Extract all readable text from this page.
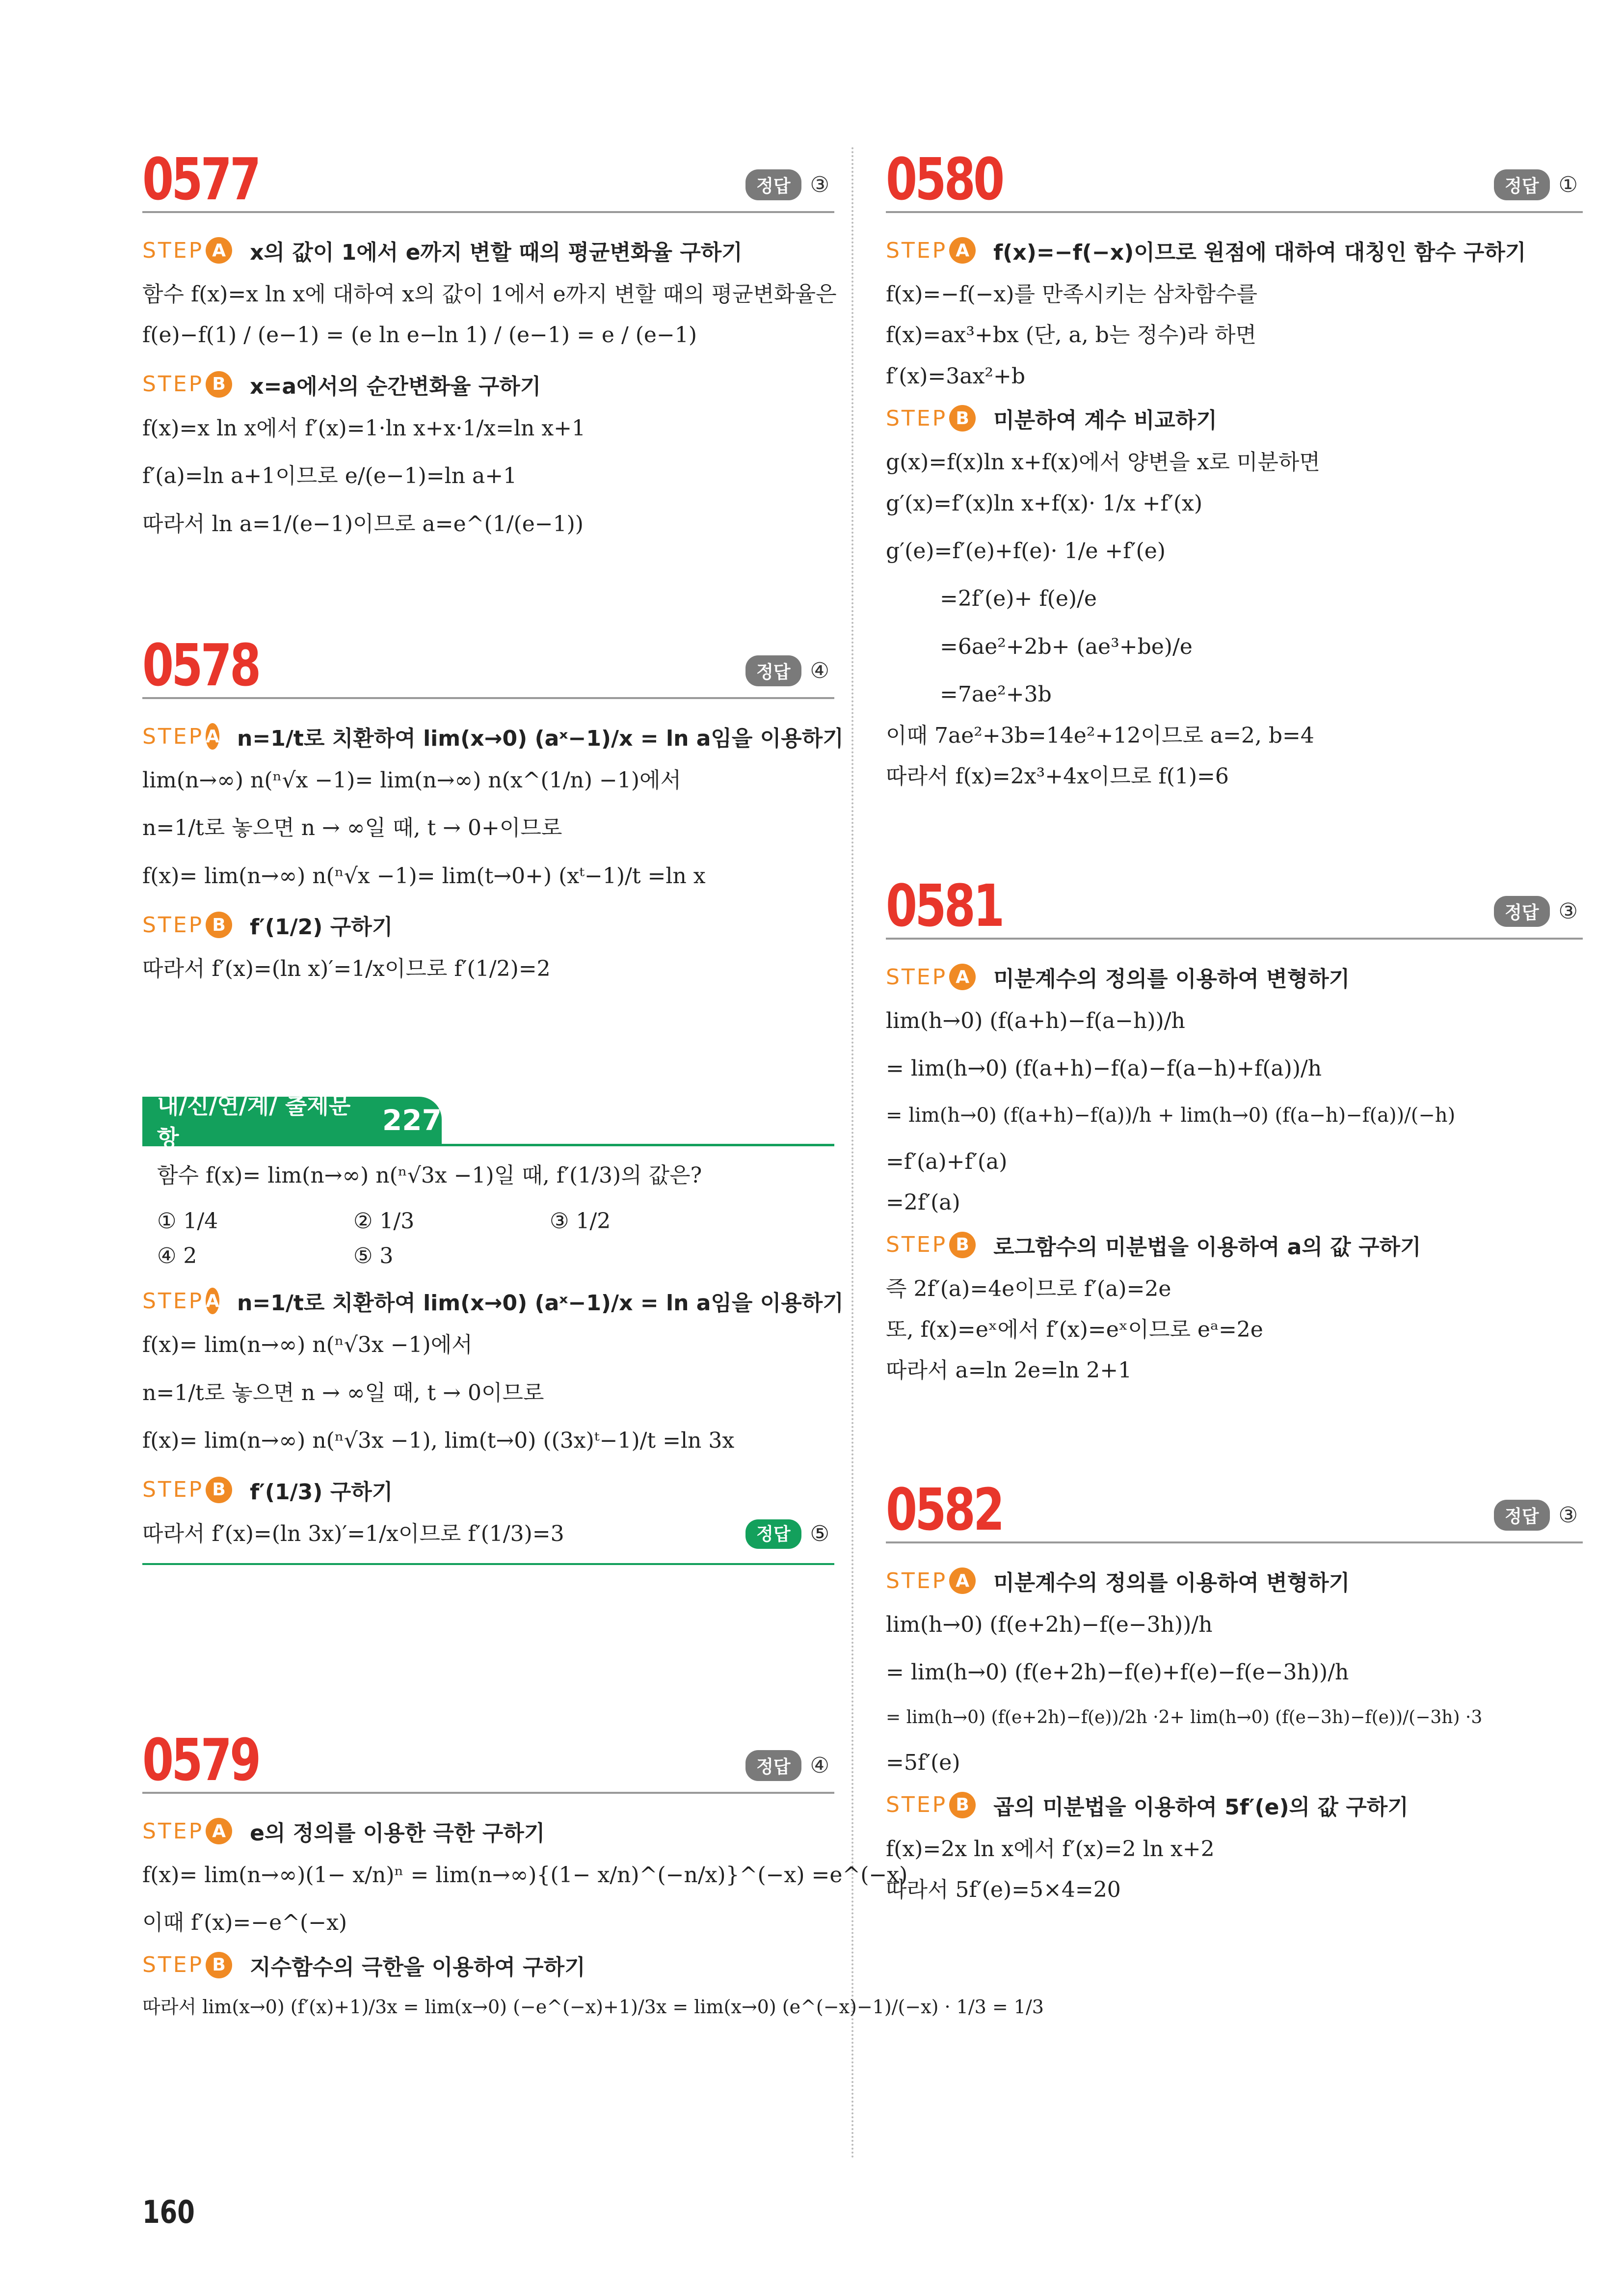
0577	정답 ③
STEP A x의 값이 1에서 e까지 변할 때의 평균변화율 구하기
함수 f(x)=x ln x에 대하여 x의 값이 1에서 e까지 변할 때의 평균변화율은
f(e)−f(1) / (e−1) = (e ln e−ln 1) / (e−1) = e / (e−1)
STEP B	x=a에서의 순간변화율 구하기
f(x)=x ln x에서 f′(x)=1·ln x+x·1/x=ln x+1
f′(a)=ln a+1이므로 e/(e−1)=ln a+1
따라서 ln a=1/(e−1)이므로 a=e^(1/(e−1))
0578	정답 ④
STEP A n=1/t로 치환하여 lim(x→0) (aˣ−1)/x = ln a임을 이용하기
lim(n→∞) n(ⁿ√x −1)= lim(n→∞) n(x^(1/n) −1)에서
n=1/t로 놓으면 n → ∞일 때, t → 0+이므로
f(x)= lim(n→∞) n(ⁿ√x −1)= lim(t→0+) (xᵗ−1)/t =ln x
STEP B	f′(1/2) 구하기
따라서 f′(x)=(ln x)′=1/x이므로 f′(1/2)=2
내/신/연/계/ 출제문항
227
함수 f(x)= lim(n→∞) n(ⁿ√3x −1)일 때, f′(1/3)의 값은?
① 1/4	② 1/3	③ 1/2
④ 2	⑤ 3
STEP A n=1/t로 치환하여 lim(x→0) (aˣ−1)/x = ln a임을 이용하기
f(x)= lim(n→∞) n(ⁿ√3x −1)에서
n=1/t로 놓으면 n → ∞일 때, t → 0이므로
f(x)= lim(n→∞) n(ⁿ√3x −1), lim(t→0) ((3x)ᵗ−1)/t =ln 3x
STEP B	f′(1/3) 구하기
따라서 f′(x)=(ln 3x)′=1/x이므로 f′(1/3)=3	정답 ⑤
0579	정답 ④
STEP A e의 정의를 이용한 극한 구하기
f(x)= lim(n→∞)(1− x/n)ⁿ = lim(n→∞){(1− x/n)^(−n/x)}^(−x) =e^(−x)
이때 f′(x)=−e^(−x)
STEP B	지수함수의 극한을 이용하여 구하기
따라서 lim(x→0) (f′(x)+1)/3x = lim(x→0) (−e^(−x)+1)/3x = lim(x→0) (e^(−x)−1)/(−x) · 1/3 = 1/3
0580	정답 ①
STEP A f(x)=−f(−x)이므로 원점에 대하여 대칭인 함수 구하기
f(x)=−f(−x)를 만족시키는 삼차함수를
f(x)=ax³+bx (단, a, b는 정수)라 하면
f′(x)=3ax²+b
STEP B	미분하여 계수 비교하기
g(x)=f(x)ln x+f(x)에서 양변을 x로 미분하면
g′(x)=f′(x)ln x+f(x)· 1/x +f′(x)
g′(e)=f′(e)+f(e)· 1/e +f′(e)
=2f′(e)+ f(e)/e
=6ae²+2b+ (ae³+be)/e
=7ae²+3b
이때 7ae²+3b=14e²+12이므로 a=2, b=4
따라서 f(x)=2x³+4x이므로 f(1)=6
0581	정답 ③
STEP A 미분계수의 정의를 이용하여 변형하기
lim(h→0) (f(a+h)−f(a−h))/h
= lim(h→0) (f(a+h)−f(a)−f(a−h)+f(a))/h
= lim(h→0) (f(a+h)−f(a))/h + lim(h→0) (f(a−h)−f(a))/(−h)
=f′(a)+f′(a)
=2f′(a)
STEP B	로그함수의 미분법을 이용하여 a의 값 구하기
즉 2f′(a)=4e이므로 f′(a)=2e
또, f(x)=eˣ에서 f′(x)=eˣ이므로 eᵃ=2e
따라서 a=ln 2e=ln 2+1
0582	정답 ③
STEP A 미분계수의 정의를 이용하여 변형하기
lim(h→0) (f(e+2h)−f(e−3h))/h
= lim(h→0) (f(e+2h)−f(e)+f(e)−f(e−3h))/h
= lim(h→0) (f(e+2h)−f(e))/2h ·2+ lim(h→0) (f(e−3h)−f(e))/(−3h) ·3
=5f′(e)
STEP B	곱의 미분법을 이용하여 5f′(e)의 값 구하기
f(x)=2x ln x에서 f′(x)=2 ln x+2
따라서 5f′(e)=5×4=20
160
